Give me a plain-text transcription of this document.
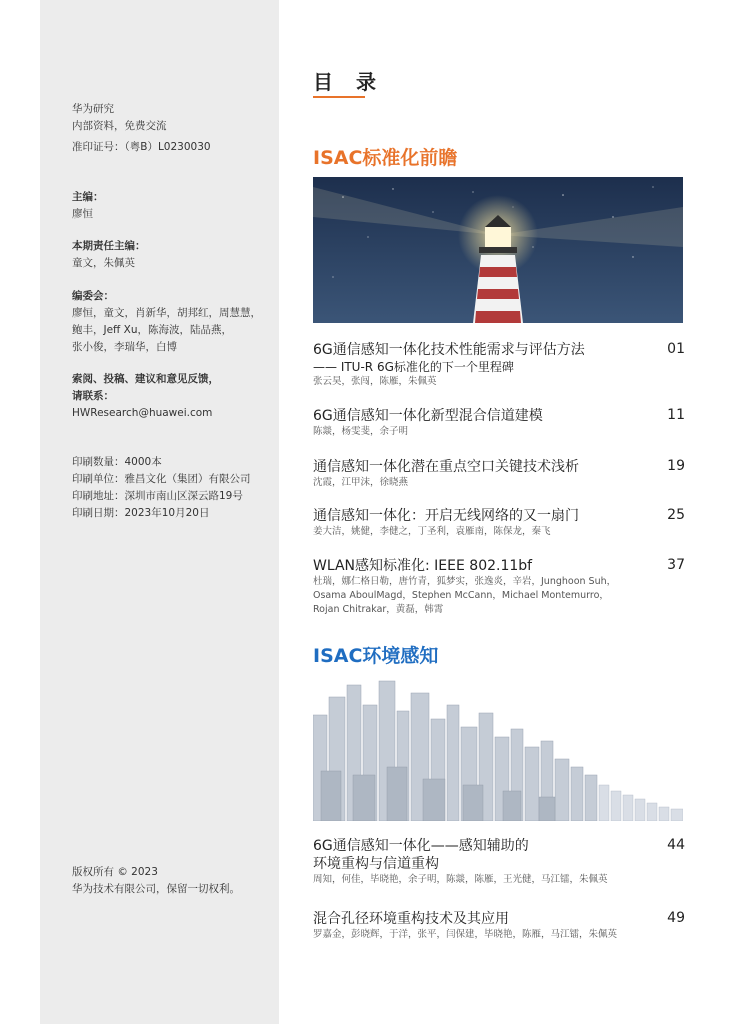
华为研究
内部资料，免费交流
准印证号：（粤B）L0230030
主编：
廖恒
本期责任主编：
童文，朱佩英
编委会：
廖恒，童文，肖新华，胡邦红，周慧慧，
鲍丰，Jeff Xu，陈海波，陆品燕，
张小俊，李瑞华，白博
索阅、投稿、建议和意见反馈，
请联系：
HWResearch@huawei.com
印刷数量：4000本
印刷单位：雅昌文化（集团）有限公司
印刷地址：深圳市南山区深云路19号
印刷日期：2023年10月20日
版权所有 © 2023
华为技术有限公司，保留一切权利。
目 录
ISAC标准化前瞻
6G通信感知一体化技术性能需求与评估方法
—— ITU-R 6G标准化的下一个里程碑
张云昊，张闯，陈雁，朱佩英
01
6G通信感知一体化新型混合信道建模
陈燚，杨雯斐，余子明
11
通信感知一体化潜在重点空口关键技术浅析
沈霞，江甲沫，徐晓燕
19
通信感知一体化：开启无线网络的又一扇门
姜大洁，姚健，李健之，丁圣利，袁雁南，陈保龙，秦飞
25
WLAN感知标准化: IEEE 802.11bf
杜瑞，娜仁格日勒，唐竹青，狐梦实，张逸炎，辛岩，Junghoon Suh，
Osama AboulMagd，Stephen McCann，Michael Montemurro，
Rojan Chitrakar，黄磊，韩霄
37
ISAC环境感知
6G通信感知一体化——感知辅助的
环境重构与信道重构
周知，何佳，毕晓艳，余子明，陈燚，陈雁，王光健，马江镭，朱佩英
44
混合孔径环境重构技术及其应用
罗嘉金，彭晓辉，于洋，张平，闫保建，毕晓艳，陈雁，马江镭，朱佩英
49
